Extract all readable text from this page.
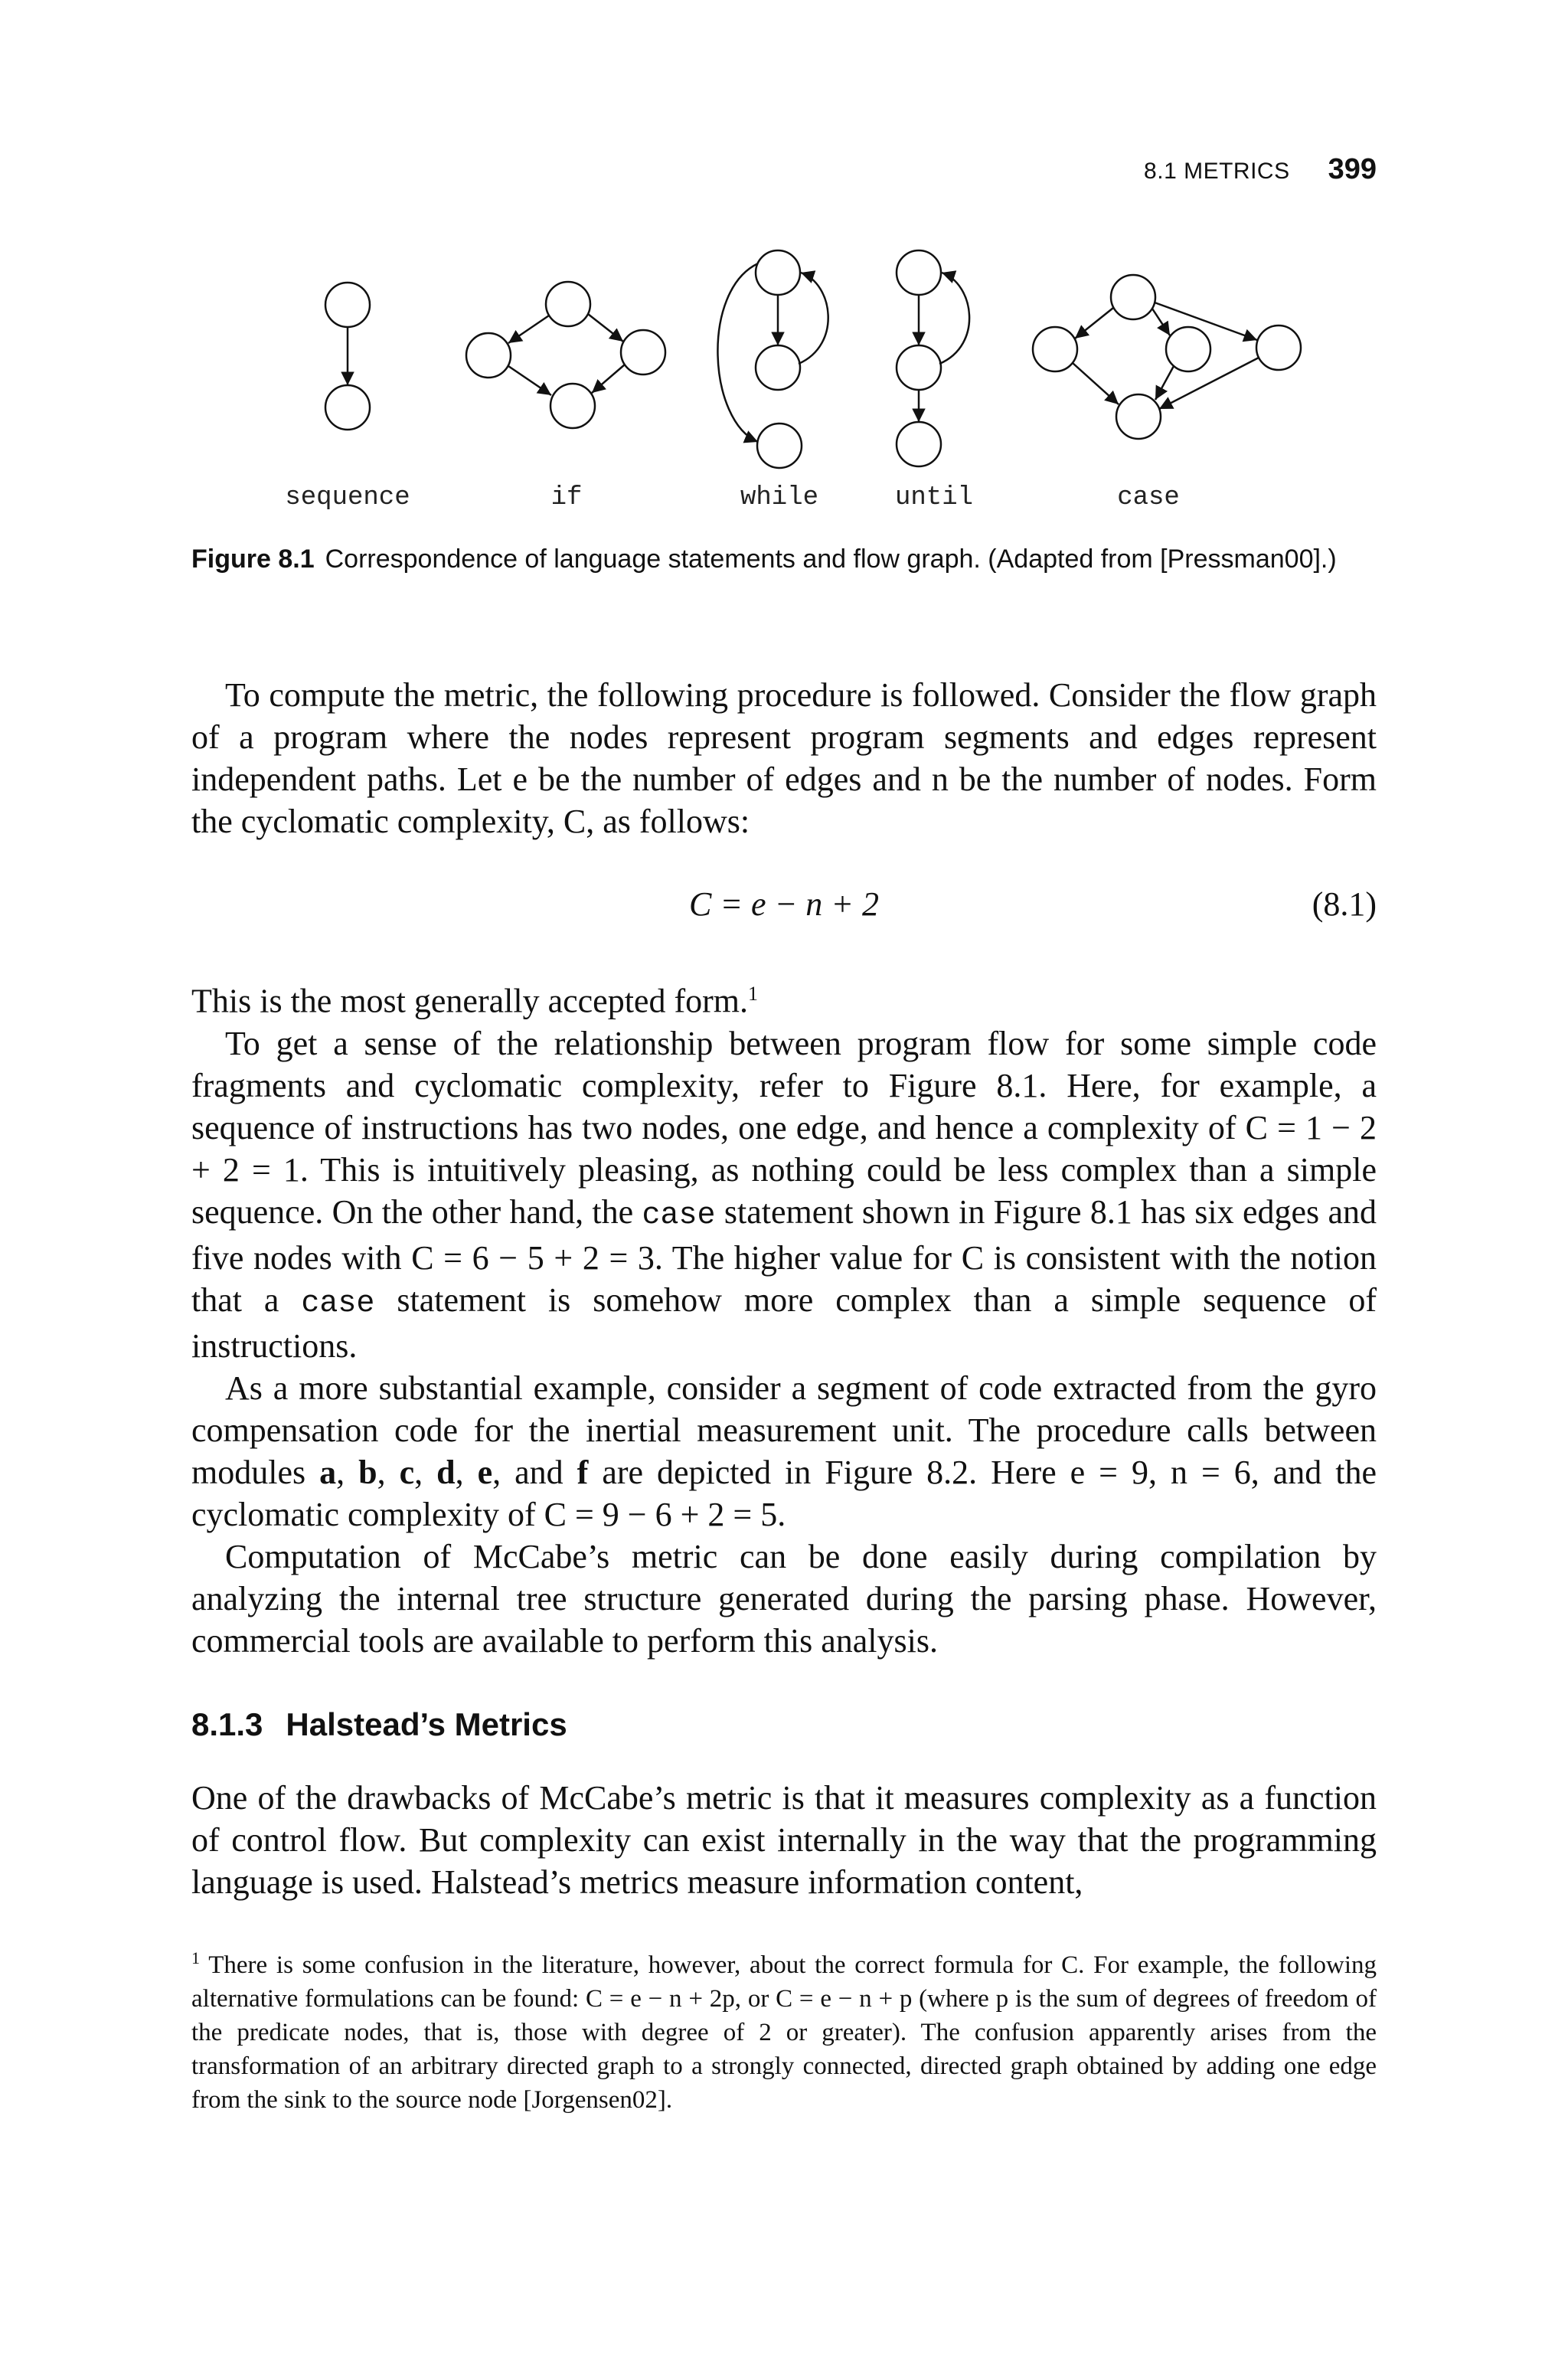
8.1 METRICS 399
sequence	if	while	until	case
Figure 8.1 Correspondence of language statements and flow graph. (Adapted from [Pressman00].)

To compute the metric, the following procedure is followed. Consider the flow graph of a program where the nodes represent program segments and edges represent independent paths. Let e be the number of edges and n be the number of nodes. Form the cyclomatic complexity, C, as follows:

C = e − n + 2	(8.1)

This is the most generally accepted form.$^1$

To get a sense of the relationship between program flow for some simple code fragments and cyclomatic complexity, refer to Figure 8.1. Here, for example, a sequence of instructions has two nodes, one edge, and hence a complexity of C = 1 − 2 + 2 = 1. This is intuitively pleasing, as nothing could be less complex than a simple sequence. On the other hand, the case statement shown in Figure 8.1 has six edges and five nodes with C = 6 − 5 + 2 = 3. The higher value for C is consistent with the notion that a case statement is somehow more complex than a simple sequence of instructions.

As a more substantial example, consider a segment of code extracted from the gyro compensation code for the inertial measurement unit. The procedure calls between modules a, b, c, d, e, and f are depicted in Figure 8.2. Here e = 9, n = 6, and the cyclomatic complexity of C = 9 − 6 + 2 = 5.

Computation of McCabe’s metric can be done easily during compilation by analyzing the internal tree structure generated during the parsing phase. However, commercial tools are available to perform this analysis.

8.1.3 Halstead’s Metrics

One of the drawbacks of McCabe’s metric is that it measures complexity as a function of control flow. But complexity can exist internally in the way that the programming language is used. Halstead’s metrics measure information content,

$^1$ There is some confusion in the literature, however, about the correct formula for C. For example, the following alternative formulations can be found: C = e − n + 2p, or C = e − n + p (where p is the sum of degrees of freedom of the predicate nodes, that is, those with degree of 2 or greater). The confusion apparently arises from the transformation of an arbitrary directed graph to a strongly connected, directed graph obtained by adding one edge from the sink to the source node [Jorgensen02].
